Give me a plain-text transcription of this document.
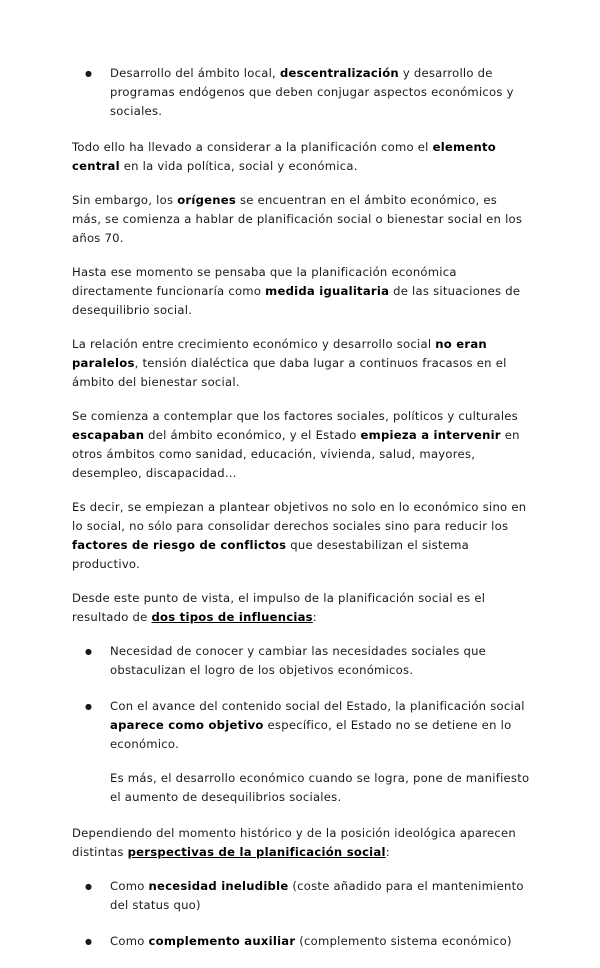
● Desarrollo del ámbito local, descentralización y desarrollo de programas endógenos que deben conjugar aspectos económicos y sociales.

Todo ello ha llevado a considerar a la planificación como el elemento central en la vida política, social y económica.

Sin embargo, los orígenes se encuentran en el ámbito económico, es más, se comienza a hablar de planificación social o bienestar social en los años 70.

Hasta ese momento se pensaba que la planificación económica directamente funcionaría como medida igualitaria de las situaciones de desequilibrio social.

La relación entre crecimiento económico y desarrollo social no eran paralelos, tensión dialéctica que daba lugar a continuos fracasos en el ámbito del bienestar social.

Se comienza a contemplar que los factores sociales, políticos y culturales escapaban del ámbito económico, y el Estado empieza a intervenir en otros ámbitos como sanidad, educación, vivienda, salud, mayores, desempleo, discapacidad…

Es decir, se empiezan a plantear objetivos no solo en lo económico sino en lo social, no sólo para consolidar derechos sociales sino para reducir los factores de riesgo de conflictos que desestabilizan el sistema productivo.

Desde este punto de vista, el impulso de la planificación social es el resultado de dos tipos de influencias:

● Necesidad de conocer y cambiar las necesidades sociales que obstaculizan el logro de los objetivos económicos.
● Con el avance del contenido social del Estado, la planificación social aparece como objetivo específico, el Estado no se detiene en lo económico.
Es más, el desarrollo económico cuando se logra, pone de manifiesto el aumento de desequilibrios sociales.

Dependiendo del momento histórico y de la posición ideológica aparecen distintas perspectivas de la planificación social:

● Como necesidad ineludible (coste añadido para el mantenimiento del status quo)
● Como complemento auxiliar (complemento sistema económico)
